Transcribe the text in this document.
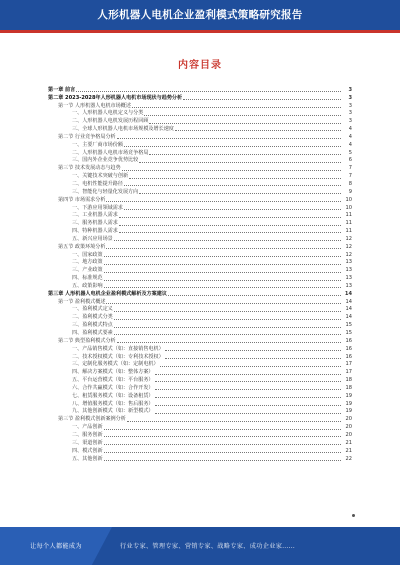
人形机器人电机企业盈利模式策略研究报告
内容目录
第一章 前言	3
第二章 2023-2028年人形机器人电机市场现状与趋势分析	3
第一节 人形机器人电机市场概述	3
一、人形机器人电机定义与分类	3
二、人形机器人电机发展历程回顾	3
三、全球人形机器人电机市场规模及增长速度	4
第二节 行业竞争格局分析	4
一、主要厂商市场份额	4
二、人形机器人电机市场竞争格局	5
三、国内外企业竞争优势比较	6
第三节 技术发展动态与趋势	7
一、关键技术突破与创新	7
二、电机性能提升路径	8
三、智能化与轻量化发展方向	9
第四节 市场需求分析	10
一、下游应用领域需求	10
二、工业机器人需求	11
三、服务机器人需求	11
四、特种机器人需求	11
五、新兴应用场景	12
第五节 政策环境分析	12
一、国家政策	12
二、地方政策	13
三、产业政策	13
四、标准规范	13
五、政策影响	13
第三章 人形机器人电机企业盈利模式解析及方案建议	14
第一节 盈利模式概述	14
一、盈利模式定义	14
二、盈利模式分类	14
三、盈利模式特点	15
四、盈利模式要素	15
第二节 典型盈利模式分析	16
一、产品销售模式（如：直接销售电机）	16
二、技术授权模式（如：专利技术授权）	16
三、定制化服务模式（如：定制电机）	17
四、解决方案模式（如：整体方案）	17
五、平台运营模式（如：平台服务）	18
六、合作共赢模式（如：合作开发）	18
七、租赁服务模式（如：设备租赁）	19
八、增值服务模式（如：售后服务）	19
九、其他创新模式（如：新型模式）	19
第三节 盈利模式创新案例分析	20
一、产品创新	20
二、服务创新	20
三、渠道创新	21
四、模式创新	21
五、其他创新	22
让每个人都能成为	行业专家、管理专家、营销专家、战略专家、成功企业家……
